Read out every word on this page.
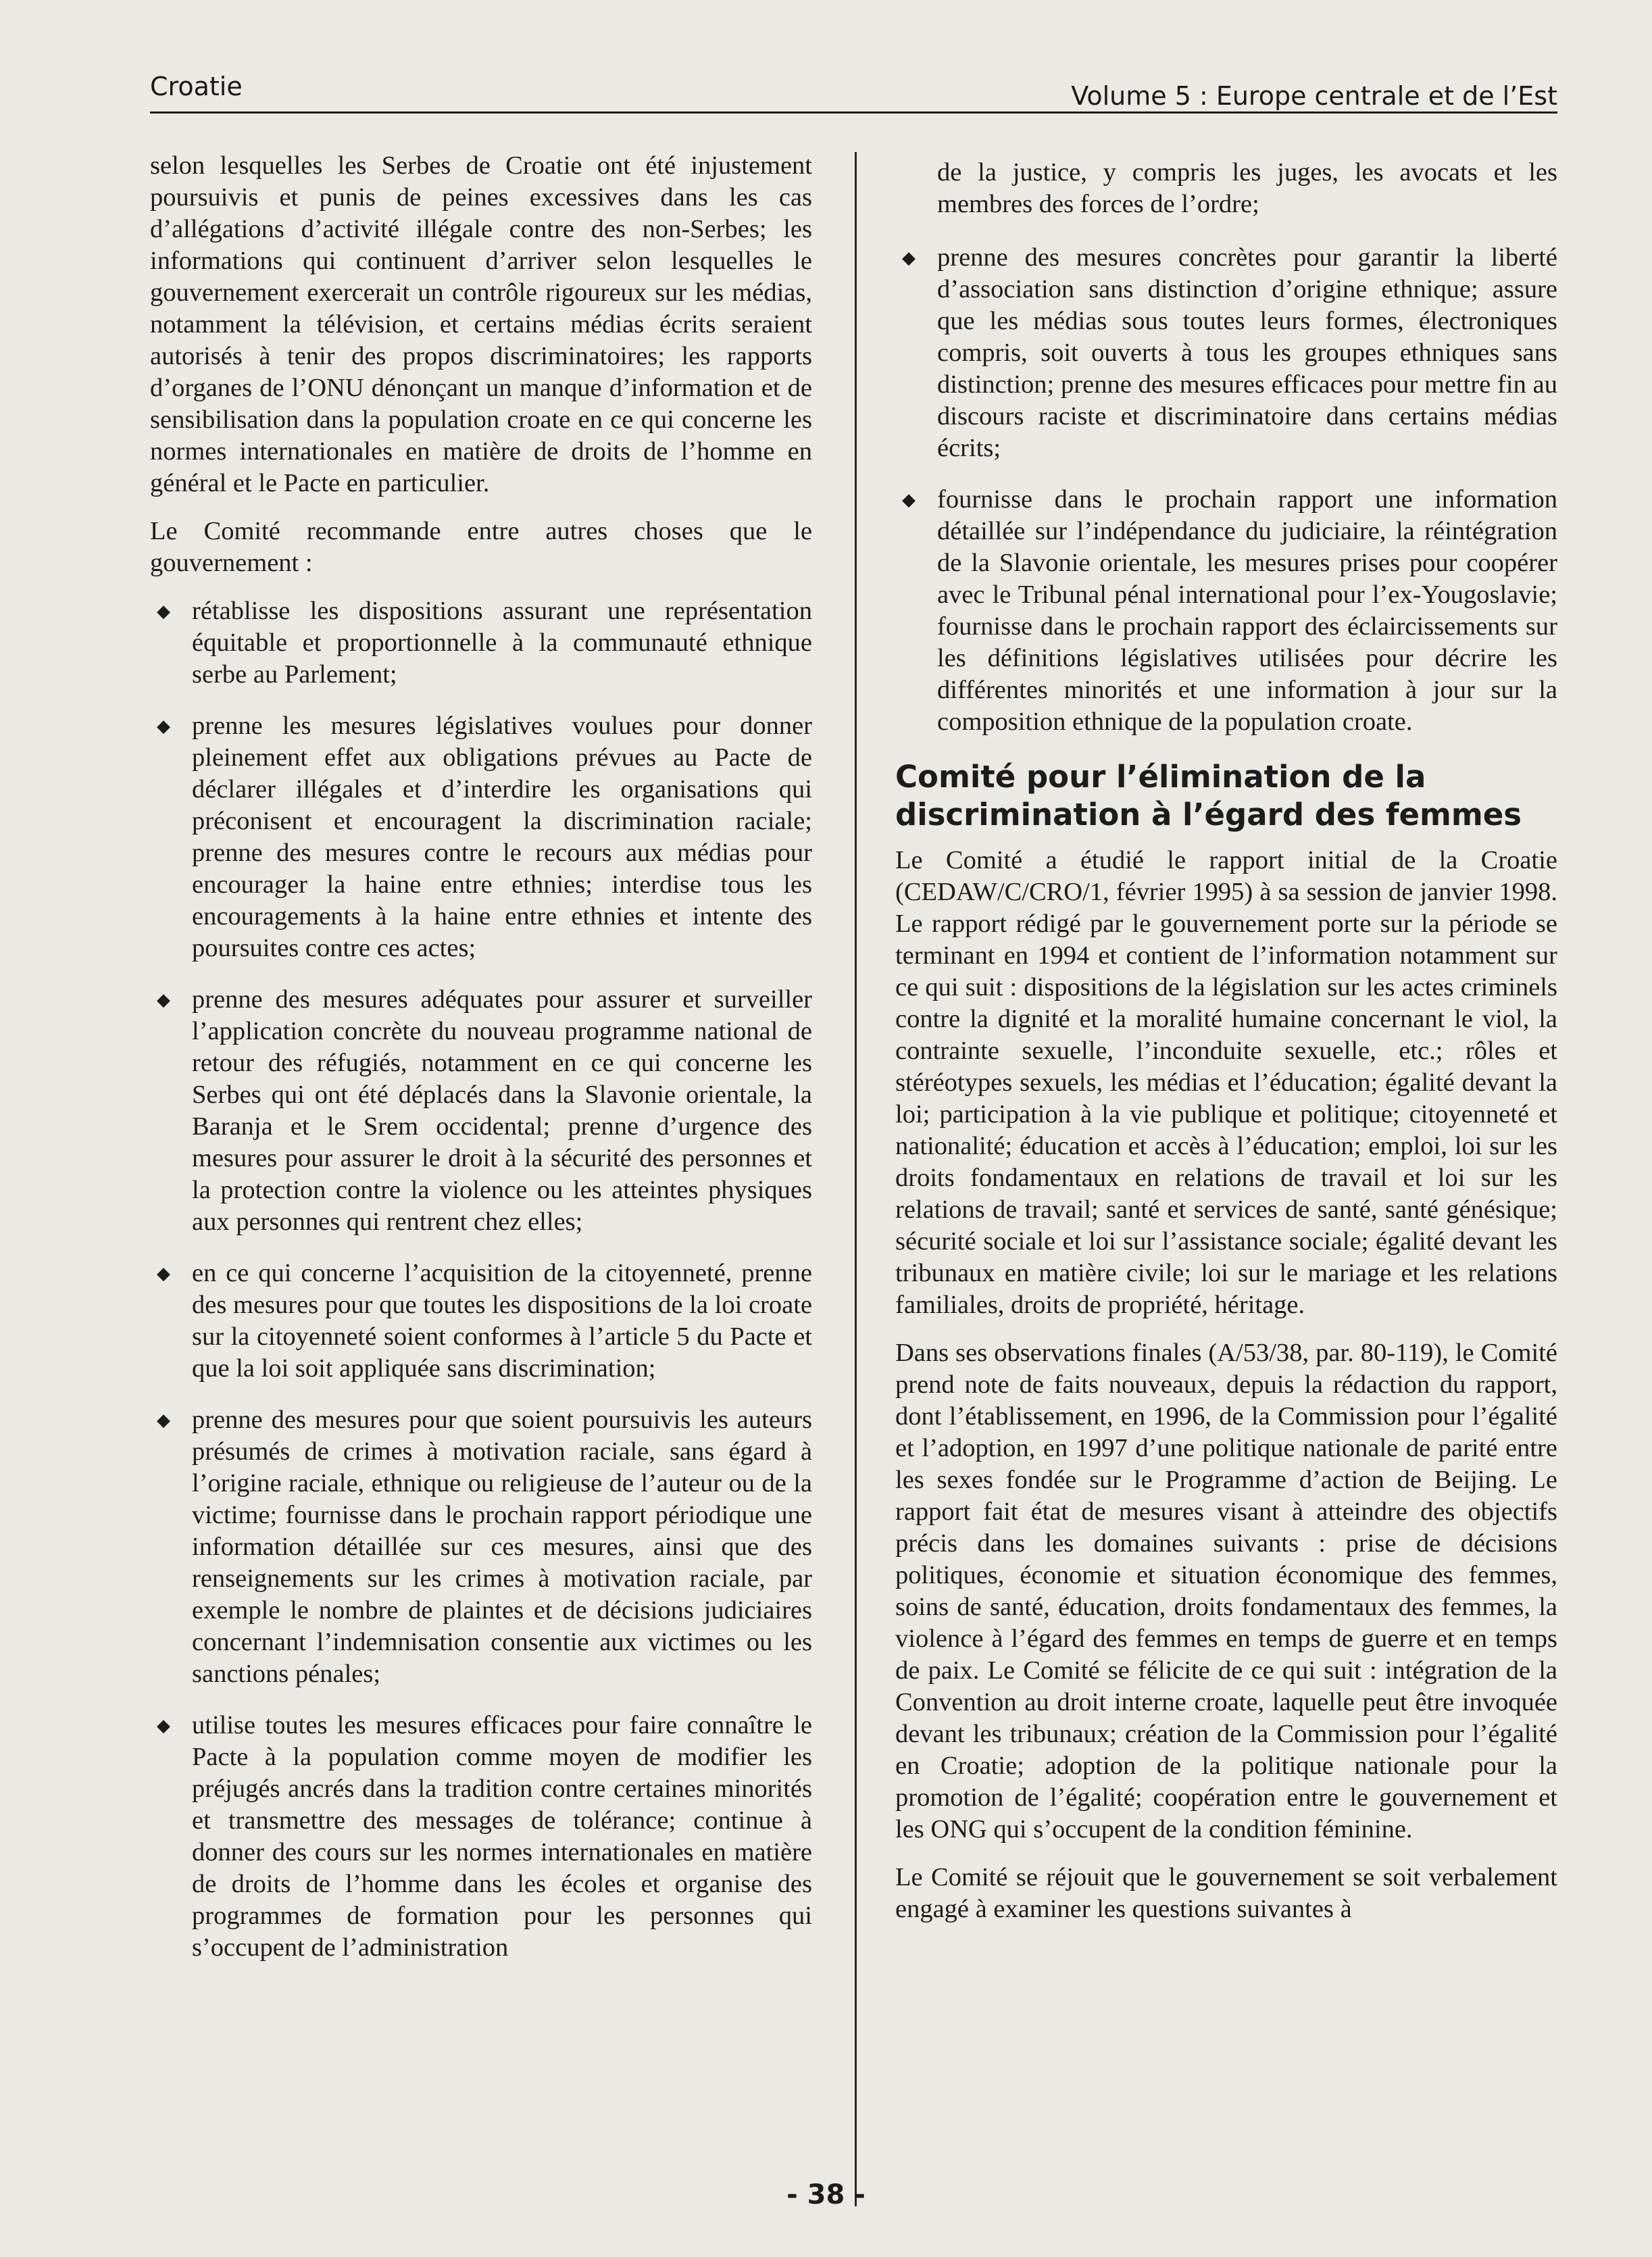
Croatie	Volume 5 : Europe centrale et de l’Est

selon lesquelles les Serbes de Croatie ont été injustement poursuivis et punis de peines excessives dans les cas d’allégations d’activité illégale contre des non-Serbes; les informations qui continuent d’arriver selon lesquelles le gouvernement exercerait un contrôle rigoureux sur les médias, notamment la télévision, et certains médias écrits seraient autorisés à tenir des propos discriminatoires; les rapports d’organes de l’ONU dénonçant un manque d’information et de sensibilisation dans la population croate en ce qui concerne les normes internationales en matière de droits de l’homme en général et le Pacte en particulier.

Le Comité recommande entre autres choses que le gouvernement :

◆ rétablisse les dispositions assurant une représentation équitable et proportionnelle à la communauté ethnique serbe au Parlement;
◆ prenne les mesures législatives voulues pour donner pleinement effet aux obligations prévues au Pacte de déclarer illégales et d’interdire les organisations qui préconisent et encouragent la discrimination raciale; prenne des mesures contre le recours aux médias pour encourager la haine entre ethnies; interdise tous les encouragements à la haine entre ethnies et intente des poursuites contre ces actes;
◆ prenne des mesures adéquates pour assurer et surveiller l’application concrète du nouveau programme national de retour des réfugiés, notamment en ce qui concerne les Serbes qui ont été déplacés dans la Slavonie orientale, la Baranja et le Srem occidental; prenne d’urgence des mesures pour assurer le droit à la sécurité des personnes et la protection contre la violence ou les atteintes physiques aux personnes qui rentrent chez elles;
◆ en ce qui concerne l’acquisition de la citoyenneté, prenne des mesures pour que toutes les dispositions de la loi croate sur la citoyenneté soient conformes à l’article 5 du Pacte et que la loi soit appliquée sans discrimination;
◆ prenne des mesures pour que soient poursuivis les auteurs présumés de crimes à motivation raciale, sans égard à l’origine raciale, ethnique ou religieuse de l’auteur ou de la victime; fournisse dans le prochain rapport périodique une information détaillée sur ces mesures, ainsi que des renseignements sur les crimes à motivation raciale, par exemple le nombre de plaintes et de décisions judiciaires concernant l’indemnisation consentie aux victimes ou les sanctions pénales;
◆ utilise toutes les mesures efficaces pour faire connaître le Pacte à la population comme moyen de modifier les préjugés ancrés dans la tradition contre certaines minorités et transmettre des messages de tolérance; continue à donner des cours sur les normes internationales en matière de droits de l’homme dans les écoles et organise des programmes de formation pour les personnes qui s’occupent de l’administration
de la justice, y compris les juges, les avocats et les membres des forces de l’ordre;
◆ prenne des mesures concrètes pour garantir la liberté d’association sans distinction d’origine ethnique; assure que les médias sous toutes leurs formes, électroniques compris, soit ouverts à tous les groupes ethniques sans distinction; prenne des mesures efficaces pour mettre fin au discours raciste et discriminatoire dans certains médias écrits;
◆ fournisse dans le prochain rapport une information détaillée sur l’indépendance du judiciaire, la réintégration de la Slavonie orientale, les mesures prises pour coopérer avec le Tribunal pénal international pour l’ex-Yougoslavie; fournisse dans le prochain rapport des éclaircissements sur les définitions législatives utilisées pour décrire les différentes minorités et une information à jour sur la composition ethnique de la population croate.
Comité pour l’élimination de la discrimination à l’égard des femmes

Le Comité a étudié le rapport initial de la Croatie (CEDAW/C/CRO/1, février 1995) à sa session de janvier 1998. Le rapport rédigé par le gouvernement porte sur la période se terminant en 1994 et contient de l’information notamment sur ce qui suit : dispositions de la législation sur les actes criminels contre la dignité et la moralité humaine concernant le viol, la contrainte sexuelle, l’inconduite sexuelle, etc.; rôles et stéréotypes sexuels, les médias et l’éducation; égalité devant la loi; participation à la vie publique et politique; citoyenneté et nationalité; éducation et accès à l’éducation; emploi, loi sur les droits fondamentaux en relations de travail et loi sur les relations de travail; santé et services de santé, santé génésique; sécurité sociale et loi sur l’assistance sociale; égalité devant les tribunaux en matière civile; loi sur le mariage et les relations familiales, droits de propriété, héritage.

Dans ses observations finales (A/53/38, par. 80-119), le Comité prend note de faits nouveaux, depuis la rédaction du rapport, dont l’établissement, en 1996, de la Commission pour l’égalité et l’adoption, en 1997 d’une politique nationale de parité entre les sexes fondée sur le Programme d’action de Beijing. Le rapport fait état de mesures visant à atteindre des objectifs précis dans les domaines suivants : prise de décisions politiques, économie et situation économique des femmes, soins de santé, éducation, droits fondamentaux des femmes, la violence à l’égard des femmes en temps de guerre et en temps de paix. Le Comité se félicite de ce qui suit : intégration de la Convention au droit interne croate, laquelle peut être invoquée devant les tribunaux; création de la Commission pour l’égalité en Croatie; adoption de la politique nationale pour la promotion de l’égalité; coopération entre le gouvernement et les ONG qui s’occupent de la condition féminine.

Le Comité se réjouit que le gouvernement se soit verbalement engagé à examiner les questions suivantes à

- 38 -
